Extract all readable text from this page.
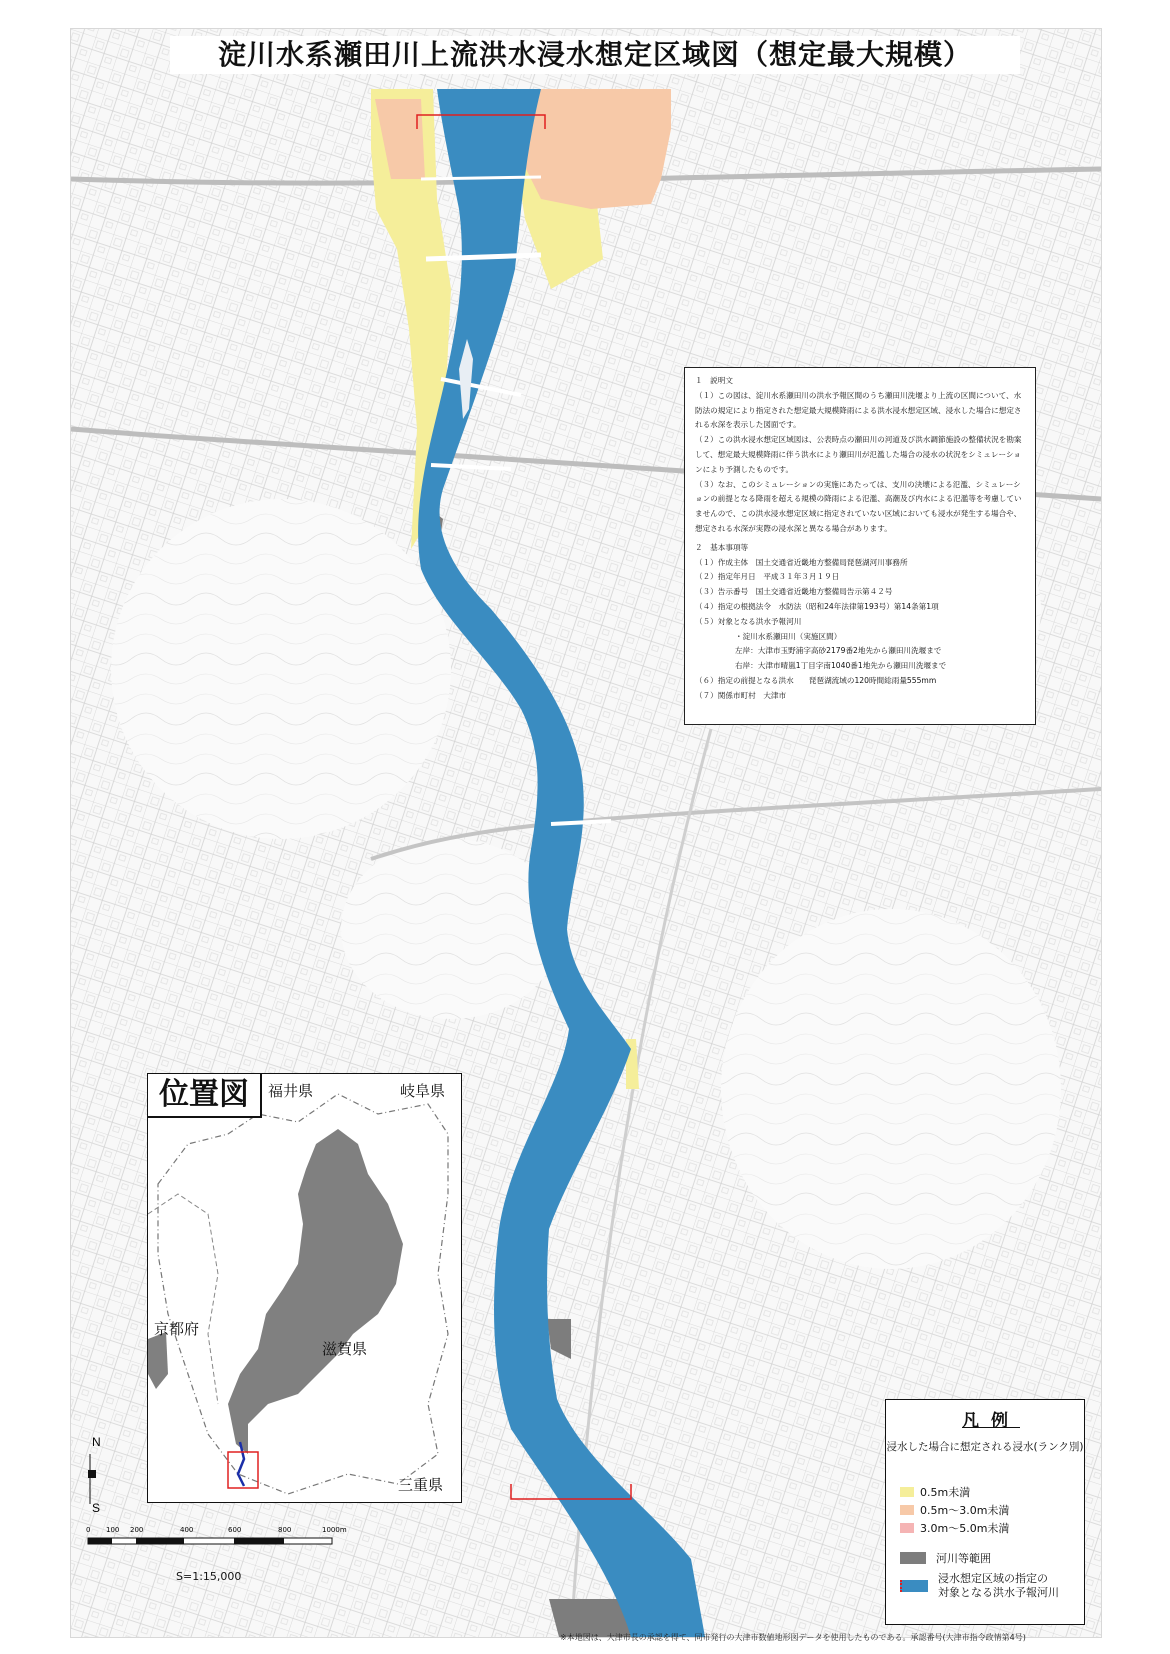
淀川水系瀬田川上流洪水浸水想定区域図（想定最大規模）

１　説明文

（１）この図は、淀川水系瀬田川の洪水予報区間のうち瀬田川洗堰より上流の区間について、水防法の規定により指定された想定最大規模降雨による洪水浸水想定区域、浸水した場合に想定される水深を表示した図面です。

（２）この洪水浸水想定区域図は、公表時点の瀬田川の河道及び洪水調節施設の整備状況を勘案して、想定最大規模降雨に伴う洪水により瀬田川が氾濫した場合の浸水の状況をシミュレーションにより予測したものです。

（３）なお、このシミュレーションの実施にあたっては、支川の決壊による氾濫、シミュレーションの前提となる降雨を超える規模の降雨による氾濫、高潮及び内水による氾濫等を考慮していませんので、この洪水浸水想定区域に指定されていない区域においても浸水が発生する場合や、想定される水深が実際の浸水深と異なる場合があります。

２　基本事項等

（１）作成主体　国土交通省近畿地方整備局琵琶湖河川事務所
（２）指定年月日　平成３１年３月１９日
（３）告示番号　国土交通省近畿地方整備局告示第４２号
（４）指定の根拠法令　水防法（昭和24年法律第193号）第14条第1項
（５）対象となる洪水予報河川
・淀川水系瀬田川（実施区間）
左岸：大津市玉野浦字高砂2179番2地先から瀬田川洗堰まで
右岸：大津市晴嵐1丁目字南1040番1地先から瀬田川洗堰まで
（６）指定の前提となる洪水　　琵琶湖流域の120時間総雨量555mm
（７）関係市町村　大津市
位置図	福井県	岐阜県
京都府
滋賀県
三重県
N
S
0 100 200	400	600	800	1000m
S=1:15,000
凡例
浸水した場合に想定される浸水(ランク別)
0.5m未満
0.5m～3.0m未満
3.0m～5.0m未満
河川等範囲
浸水想定区域の指定の
対象となる洪水予報河川
※本地図は、大津市長の承認を得て、同市発行の大津市数値地形図データを使用したものである。承認番号(大津市指令政情第4号)
